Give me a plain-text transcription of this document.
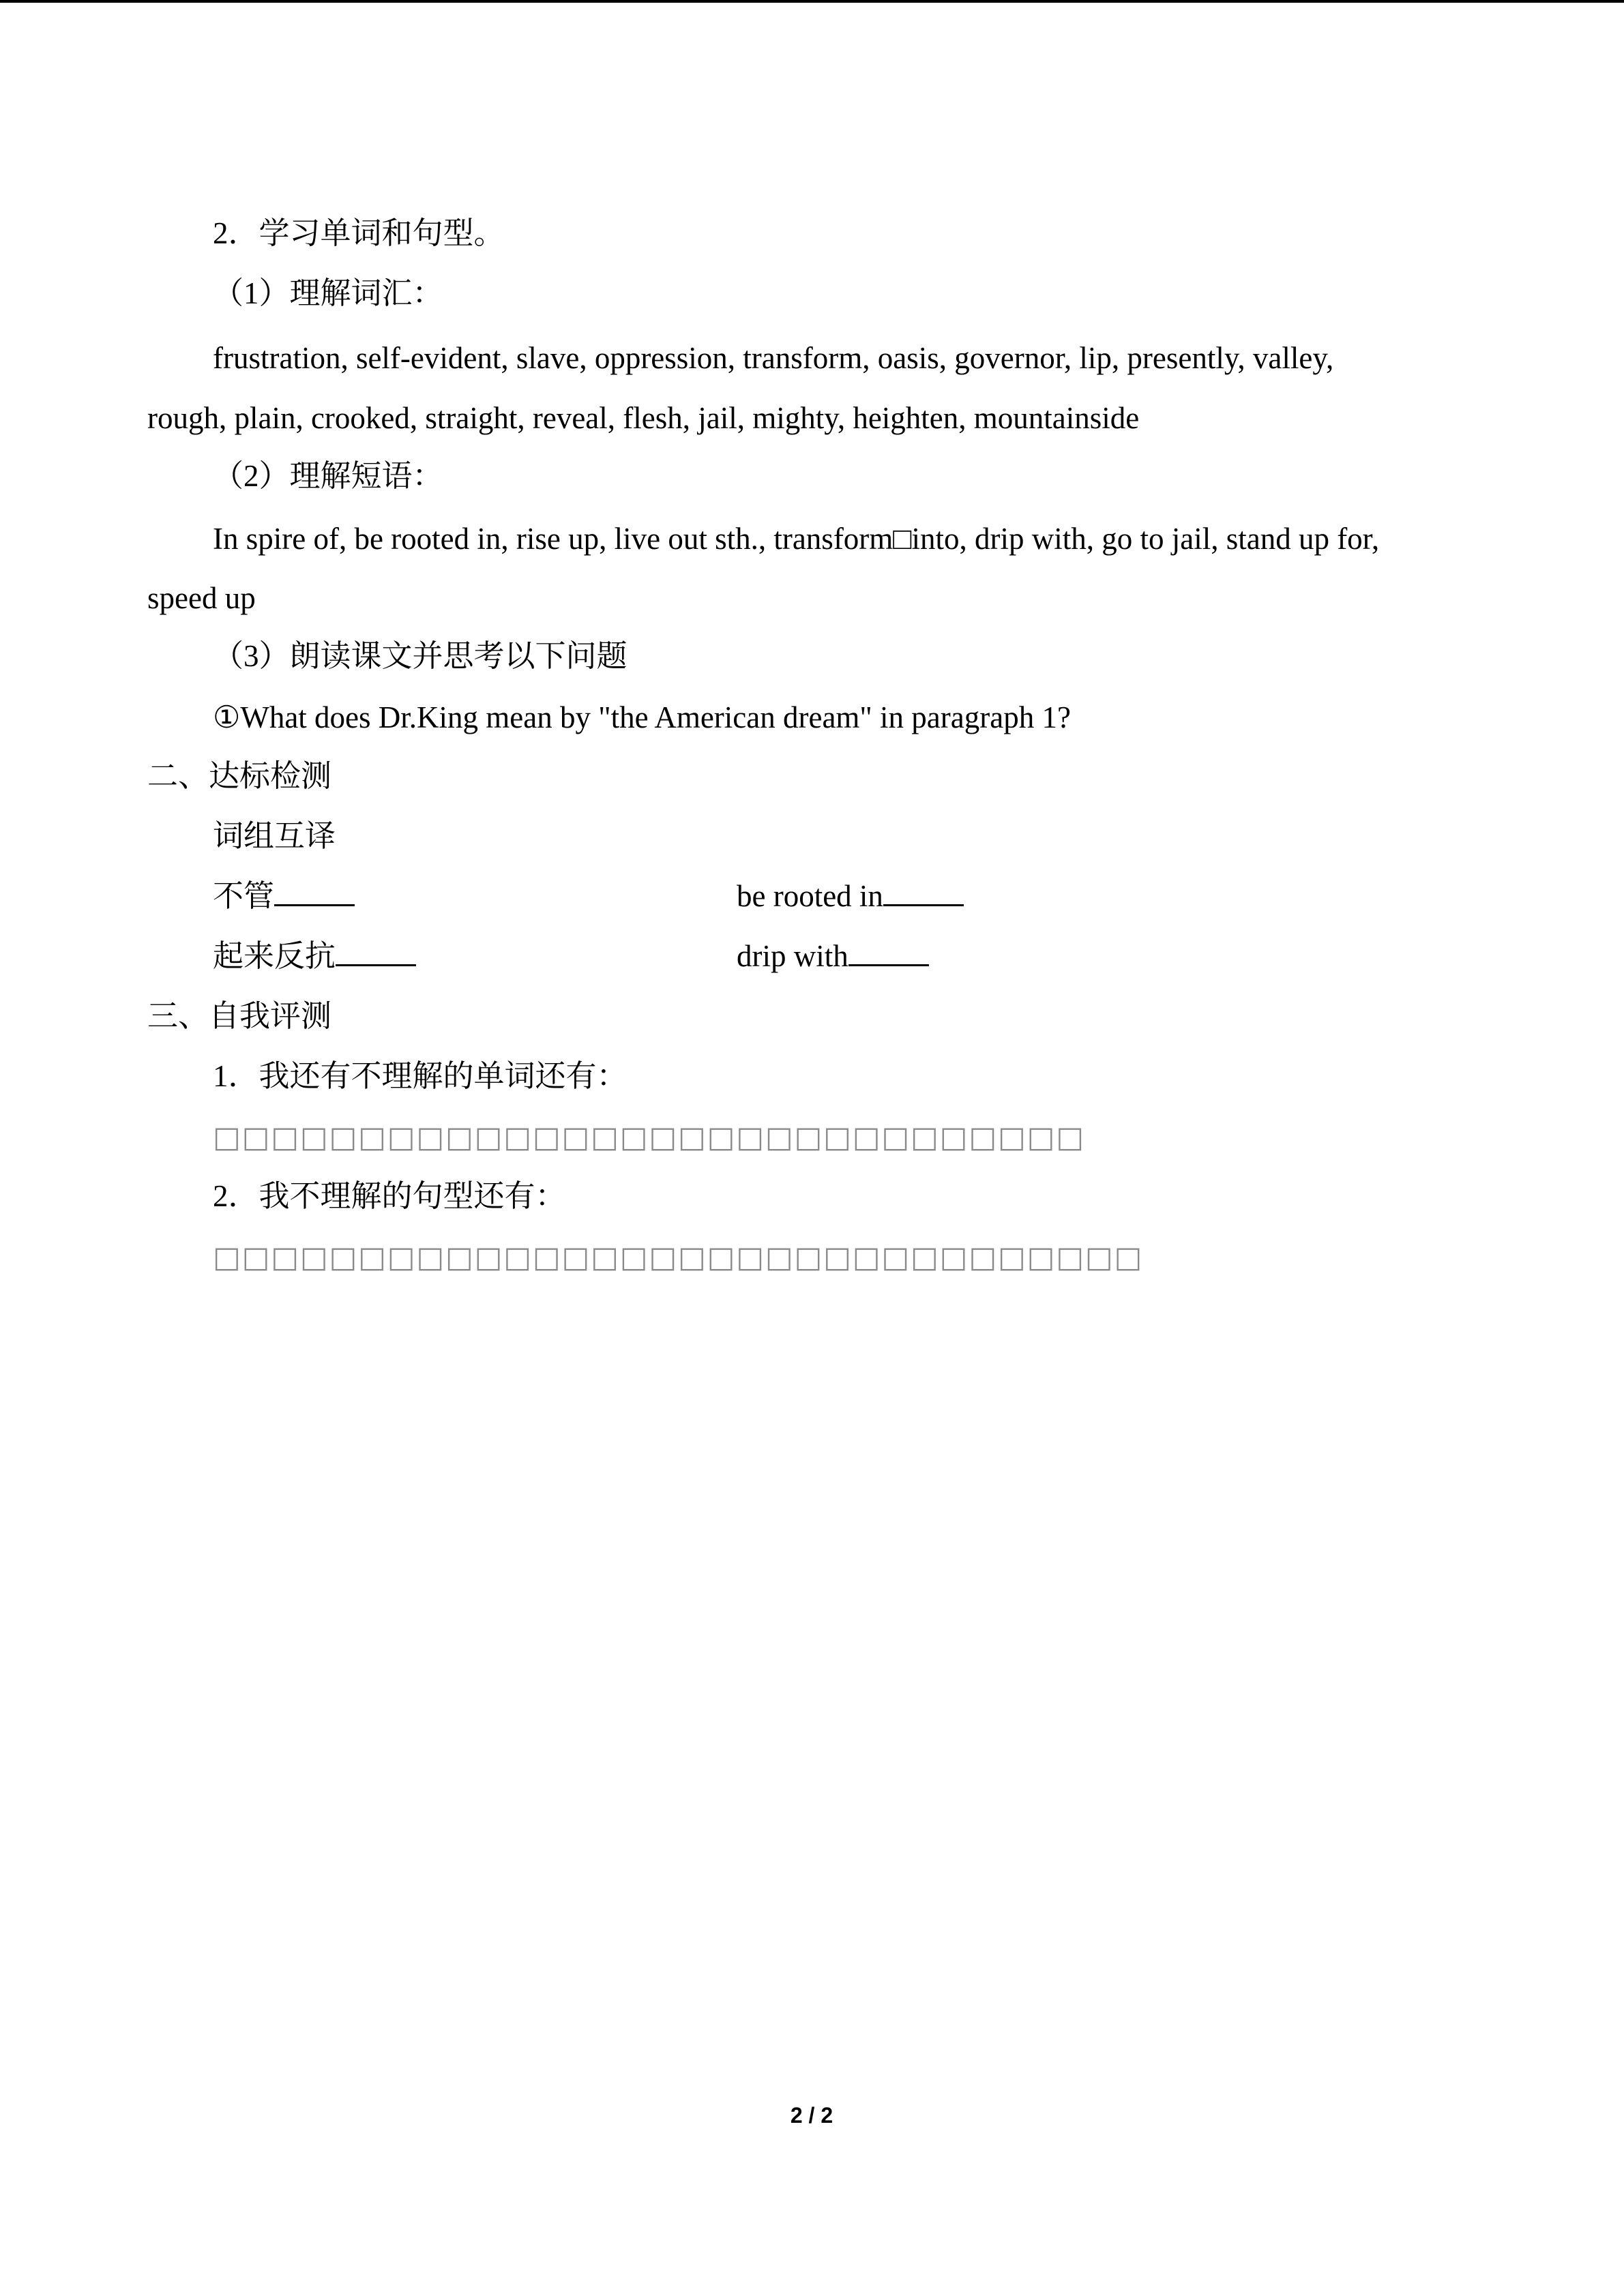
2．学习单词和句型。
（1）理解词汇：
frustration, self-evident, slave, oppression, transform, oasis, governor, lip, presently, valley,
rough, plain, crooked, straight, reveal, flesh, jail, mighty, heighten, mountainside
（2）理解短语：
In spire of, be rooted in, rise up, live out sth., transform□into, drip with, go to jail, stand up for,
speed up
（3）朗读课文并思考以下问题
①What does Dr.King mean by "the American dream" in paragraph 1?
二、达标检测
词组互译
不管	be rooted in
起来反抗	drip with
三、自我评测
1．我还有不理解的单词还有：
□□□□□□□□□□□□□□□□□□□□□□□□□□□□□□
2．我不理解的句型还有：
□□□□□□□□□□□□□□□□□□□□□□□□□□□□□□□□
2 / 2
